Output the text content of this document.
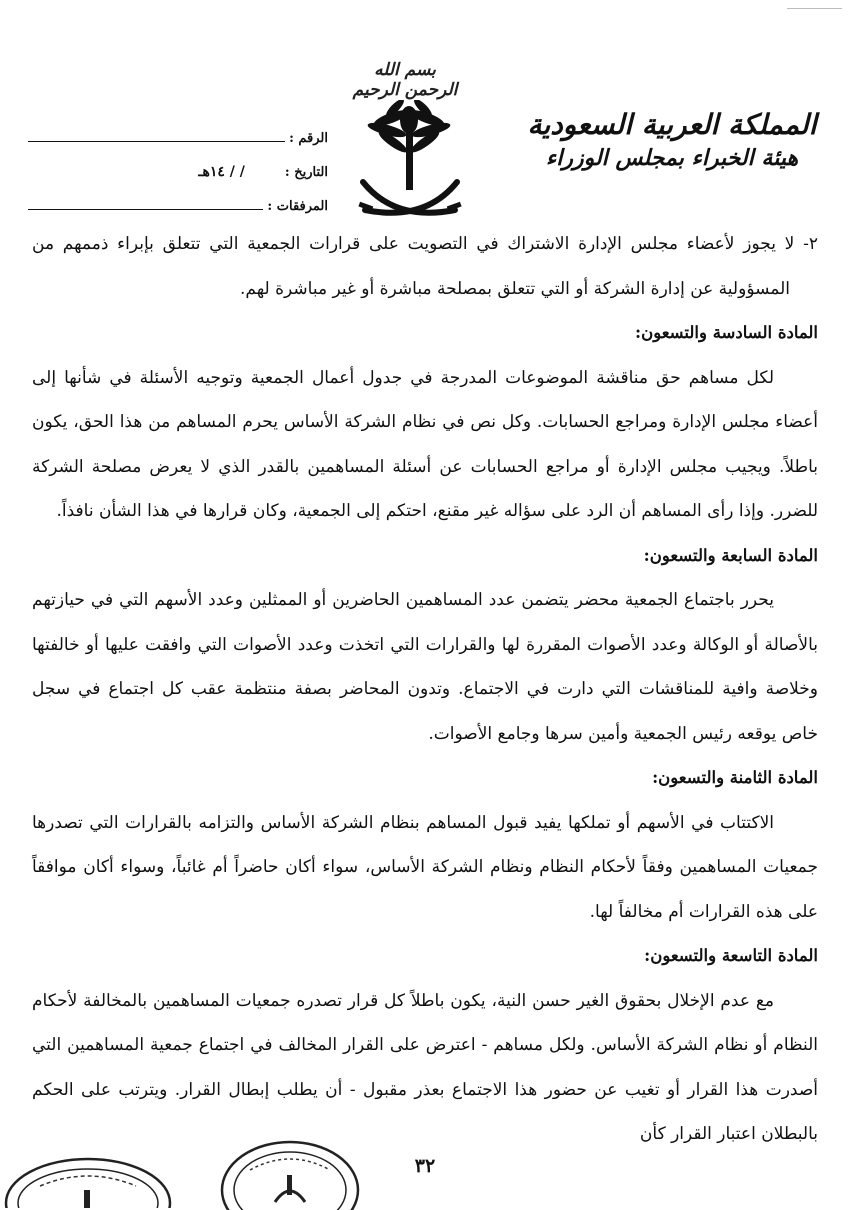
بسم الله الرحمن الرحيم
المملكة العربية السعودية
هيئة الخبراء بمجلس الوزراء
الرقم :
التاريخ :
/ / ١٤هـ
المرفقات :

٢- لا يجوز لأعضاء مجلس الإدارة الاشتراك في التصويت على قرارات الجمعية التي تتعلق بإبراء ذممهم من المسؤولية عن إدارة الشركة أو التي تتعلق بمصلحة مباشرة أو غير مباشرة لهم.

المادة السادسة والتسعون:

لكل مساهم حق مناقشة الموضوعات المدرجة في جدول أعمال الجمعية وتوجيه الأسئلة في شأنها إلى أعضاء مجلس الإدارة ومراجع الحسابات. وكل نص في نظام الشركة الأساس يحرم المساهم من هذا الحق، يكون باطلاً. ويجيب مجلس الإدارة أو مراجع الحسابات عن أسئلة المساهمين بالقدر الذي لا يعرض مصلحة الشركة للضرر. وإذا رأى المساهم أن الرد على سؤاله غير مقنع، احتكم إلى الجمعية، وكان قرارها في هذا الشأن نافذاً.

المادة السابعة والتسعون:

يحرر باجتماع الجمعية محضر يتضمن عدد المساهمين الحاضرين أو الممثلين وعدد الأسهم التي في حيازتهم بالأصالة أو الوكالة وعدد الأصوات المقررة لها والقرارات التي اتخذت وعدد الأصوات التي وافقت عليها أو خالفتها وخلاصة وافية للمناقشات التي دارت في الاجتماع. وتدون المحاضر بصفة منتظمة عقب كل اجتماع في سجل خاص يوقعه رئيس الجمعية وأمين سرها وجامع الأصوات.

المادة الثامنة والتسعون:

الاكتتاب في الأسهم أو تملكها يفيد قبول المساهم بنظام الشركة الأساس والتزامه بالقرارات التي تصدرها جمعيات المساهمين وفقاً لأحكام النظام ونظام الشركة الأساس، سواء أكان حاضراً أم غائباً، وسواء أكان موافقاً على هذه القرارات أم مخالفاً لها.

المادة التاسعة والتسعون:

مع عدم الإخلال بحقوق الغير حسن النية، يكون باطلاً كل قرار تصدره جمعيات المساهمين بالمخالفة لأحكام النظام أو نظام الشركة الأساس. ولكل مساهم - اعترض على القرار المخالف في اجتماع جمعية المساهمين التي أصدرت هذا القرار أو تغيب عن حضور هذا الاجتماع بعذر مقبول - أن يطلب إبطال القرار. ويترتب على الحكم بالبطلان اعتبار القرار كأن

٣٢
